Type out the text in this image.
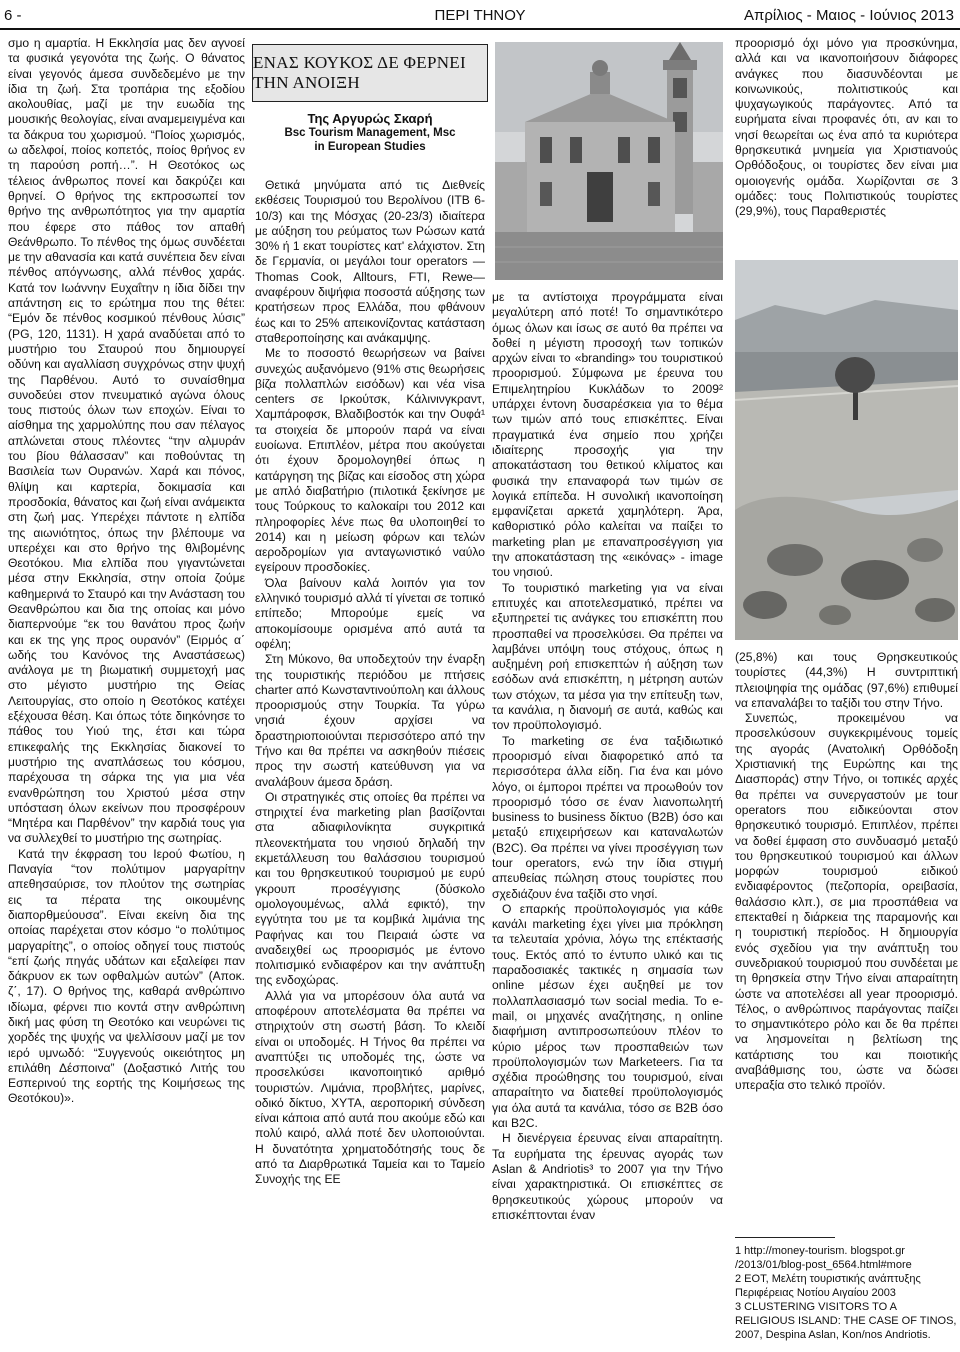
6 -	ΠΕΡΙ ΤΗΝΟΥ	Απρίλιος - Μαιος - Ιούνιος 2013

σμο η αμαρτία. Η Εκκλησία μας δεν αγνοεί τα φυσικά γεγονότα της ζωής. Ο θάνατος είναι γεγονός άμεσα συνδεδεμένο με την ίδια τη ζωή. Στα τροπάρια της εξοδίου ακολουθίας, μαζί με την ευωδία της μουσικής θεολογίας, είναι αναμεμειγμένα και τα δάκρυα του χωρισμού. “Ποίος χωρισμός, ω αδελφοί, ποίος κοπετός, ποίος θρήνος εν τη παρούση ροπή…”. Η Θεοτόκος ως τέλειος άνθρωπος πονεί και δακρύζει και θρηνεί. Ο θρήνος της εκπροσωπεί τον θρήνο της ανθρωπότητος για την αμαρτία που έφερε στο πάθος τον απαθή Θεάνθρωπο. Το πένθος της όμως συνδέεται με την αθανασία και κατά συνέπεια δεν είναι πένθος απόγνωσης, αλλά πένθος χαράς. Κατά τον Ιωάννην Ευχαΐτην η ίδια δίδει την απάντηση εις το ερώτημα που της θέτει: “Εμόν δε πένθος κοσμικού πένθους λύσις” (PG, 120, 1131). Η χαρά αναδύεται από το μυστήριο του Σταυρού που δημιουργεί οδύνη και αγαλλίαση συγχρόνως στην ψυχή της Παρθένου. Αυτό το συναίσθημα συνοδεύει στον πνευματικό αγώνα όλους τους πιστούς όλων των εποχών. Είναι το αίσθημα της χαρμολύπης που σαν πέλαγος απλώνεται στους πλέοντες “την αλμυράν του βίου θάλασσαν” και ποθούντας τη Βασιλεία των Ουρανών. Χαρά και πόνος, θλίψη και καρτερία, δοκιμασία και προσδοκία, θάνατος και ζωή είναι ανάμεικτα στη ζωή μας. Υπερέχει πάντοτε η ελπίδα της αιωνιότητος, όπως την βλέπουμε να υπερέχει και στο θρήνο της θλιβομένης Θεοτόκου. Μια ελπίδα που γιγαντώνεται μέσα στην Εκκλησία, στην οποία ζούμε καθημερινά το Σταυρό και την Ανάσταση του Θεανθρώπου και δια της οποίας και μόνο διαπερνούμε “εκ του θανάτου προς ζωήν και εκ της γης προς ουρανόν” (Ειρμός α΄ ωδής του Κανόνος της Αναστάσεως) ανάλογα με τη βιωματική συμμετοχή μας στο μέγιστο μυστήριο της Θείας Λειτουργίας, στο οποίο η Θεοτόκος κατέχει εξέχουσα θέση. Και όπως τότε διηκόνησε το πάθος του Υιού της, έτσι και τώρα επικεφαλής της Εκκλησίας διακονεί το μυστήριο της αναπλάσεως του κόσμου, παρέχουσα τη σάρκα της για μια νέα ενανθρώπηση του Χριστού μέσα στην υπόσταση όλων εκείνων που προσφέρουν “Μητέρα και Παρθένον” την καρδιά τους για να συλλεχθεί το μυστήριο της σωτηρίας.

Κατά την έκφραση του Ιερού Φωτίου, η Παναγία “τον πολύτιμον μαργαρίτην απεθησαύρισε, τον πλούτον της σωτηρίας εις τα πέρατα της οικουμένης διαπορθμεύουσα”. Είναι εκείνη δια της οποίας παρέχεται στον κόσμο “ο πολύτιμος μαργαρίτης”, ο οποίος οδηγεί τους πιστούς “επί ζωής πηγάς υδάτων και εξαλείφει παν δάκρυον εκ των οφθαλμών αυτών” (Αποκ. ζ΄, 17). Ο θρήνος της, καθαρά ανθρώπινο ιδίωμα, φέρνει πιο κοντά στην ανθρώπινη δική μας φύση τη Θεοτόκο και νευρώνει τις χορδές της ψυχής να ψελλίσουν μαζί με τον ιερό υμνωδό: “Συγγενούς οικειότητος μη επιλάθη Δέσποινα” (Δοξαστικό Λιτής του Εσπερινού της εορτής της Κοιμήσεως της Θεοτόκου)».

ΕΝΑΣ ΚΟΥΚΟΣ ΔΕ ΦΕΡΝΕΙ ΤΗΝ ΑΝΟΙΞΗ
Της Αργυρώς Σκαρή
Bsc Tourism Management, Msc
in European Studies

Θετικά μηνύματα από τις Διεθνείς εκθέσεις Τουρισμού του Βερολίνου (ITB 6-10/3) και της Μόσχας (20-23/3) ιδιαίτερα με αύξηση του ρεύματος των Ρώσων κατά 30% ή 1 εκατ τουρίστες κατ' ελάχιστον. Στη δε Γερμανία, οι μεγάλοι tour operators — Thomas Cook, Alltours, FTI, Rewe— αναφέρουν διψήφια ποσοστά αύξησης των κρατήσεων προς Ελλάδα, που φθάνουν έως και το 25% απεικονίζοντας κατάσταση σταθεροποίησης και ανάκαμψης.

Με το ποσοστό θεωρήσεων να βαίνει συνεχώς αυξανόμενο (91% στις θεωρήσεις βίζα πολλαπλών εισόδων) και νέα visa centers σε Ιρκούτσκ, Κάλινινγκραντ, Χαμπάροφσκ, Βλαδιβοστόκ και την Ουφά¹ τα στοιχεία δε μπορούν παρά να είναι ευοίωνα. Επιπλέον, μέτρα που ακούγεται ότι έχουν δρομολογηθεί όπως η κατάργηση της βίζας και είσοδος στη χώρα με απλό διαβατήριο (πιλοτικά ξεκίνησε με τους Τούρκους το καλοκαίρι του 2012 και πληροφορίες λένε πως θα υλοποιηθεί το 2014) και η μείωση φόρων και τελών αεροδρομίων για ανταγωνιστικό ναύλο εγείρουν προσδοκίες.

Όλα βαίνουν καλά λοιπόν για τον ελληνικό τουρισμό αλλά τί γίνεται σε τοπικό επίπεδο; Μπορούμε εμείς να αποκομίσουμε ορισμένα από αυτά τα οφέλη;

Στη Μύκονο, θα υποδεχτούν την έναρξη της τουριστικής περιόδου με πτήσεις charter από Κωνσταντινούπολη και άλλους προορισμούς στην Τουρκία. Τα γύρω νησιά έχουν αρχίσει να δραστηριοποιούνται περισσότερο από την Τήνο και θα πρέπει να ασκηθούν πιέσεις προς την σωστή κατεύθυνση για να αναλάβουν άμεσα δράση.

Οι στρατηγικές στις οποίες θα πρέπει να στηριχτεί ένα marketing plan βασίζονται στα αδιαφιλονίκητα συγκριτικά πλεονεκτήματα του νησιού δηλαδή την εκμετάλλευση του θαλάσσιου τουρισμού και του θρησκευτικού τουρισμού με ευρύ γκρουπ προσέγγισης (δύσκολο ομολογουμένως, αλλά εφικτό), την εγγύτητα του με τα κομβικά λιμάνια της Ραφήνας και του Πειραιά ώστε να αναδειχθεί ως προορισμός με έντονο πολιτισμικό ενδιαφέρον και την ανάπτυξη της ενδοχώρας.

Αλλά για να μπορέσουν όλα αυτά να αποφέρουν αποτελέσματα θα πρέπει να στηριχτούν στη σωστή βάση. Το κλειδί είναι οι υποδομές. Η Τήνος θα πρέπει να αναπτύξει τις υποδομές της, ώστε να προσελκύσει ικανοποιητικό αριθμό τουριστών. Λιμάνια, προβλήτες, μαρίνες, οδικό δίκτυο, ΧΥΤΑ, αεροπορική σύνδεση είναι κάποια από αυτά που ακούμε εδώ και πολύ καιρό, αλλά ποτέ δεν υλοποιούνται. Η δυνατότητα χρηματοδότησής τους δε από τα Διαρθρωτικά Ταμεία και το Ταμείο Συνοχής της ΕΕ

με τα αντίστοιχα προγράμματα είναι μεγαλύτερη από ποτέ! Το σημαντικότερο όμως όλων και ίσως σε αυτό θα πρέπει να δοθεί η μέγιστη προσοχή των τοπικών αρχών είναι το «branding» του τουριστικού προορισμού. Σύμφωνα με έρευνα του Επιμελητηρίου Κυκλάδων το 2009² υπάρχει έντονη δυσαρέσκεια για το θέμα των τιμών από τους επισκέπτες. Είναι πραγματικά ένα σημείο που χρήζει ιδιαίτερης προσοχής για την αποκατάσταση του θετικού κλίματος και φυσικά την επαναφορά των τιμών σε λογικά επίπεδα. Η συνολική ικανοποίηση εμφανίζεται αρκετά χαμηλότερη. Άρα, καθοριστικό ρόλο καλείται να παίξει το marketing plan με επαναπροσέγγιση για την αποκατάσταση της «εικόνας» - image του νησιού.

Το τουριστικό marketing για να είναι επιτυχές και αποτελεσματικό, πρέπει να εξυπηρετεί τις ανάγκες του επισκέπτη που προσπαθεί να προσελκύσει. Θα πρέπει να λαμβάνει υπόψη τους στόχους, όπως η αυξημένη ροή επισκεπτών ή αύξηση των εσόδων ανά επισκέπτη, η μέτρηση αυτών των στόχων, τα μέσα για την επίτευξη των, τα κανάλια, η διανομή σε αυτά, καθώς και τον προϋπολογισμό.

Το marketing σε ένα ταξιδιωτικό προορισμό είναι διαφορετικό από τα περισσότερα άλλα είδη. Για ένα και μόνο λόγο, οι έμποροι πρέπει να προωθούν τον προορισμό τόσο σε έναν λιανοπωλητή business to business δίκτυο (B2B) όσο και μεταξύ επιχειρήσεων και καταναλωτών (B2C). Θα πρέπει να γίνει προσέγγιση των tour operators, ενώ την ίδια στιγμή απευθείας πώληση στους τουρίστες που σχεδιάζουν ένα ταξίδι στο νησί.

Ο επαρκής προϋπολογισμός για κάθε κανάλι marketing έχει γίνει μια πρόκληση τα τελευταία χρόνια, λόγω της επέκτασής τους. Εκτός από το έντυπο υλικό και τις παραδοσιακές τακτικές η σημασία των online μέσων έχει αυξηθεί με τον πολλαπλασιασμό των social media. Το e-mail, οι μηχανές αναζήτησης, η online διαφήμιση αντιπροσωπεύουν πλέον το κύριο μέρος των προσπαθειών των προϋπολογισμών των Marketeers. Για τα σχέδια προώθησης του τουρισμού, είναι απαραίτητο να διατεθεί προϋπολογισμός για όλα αυτά τα κανάλια, τόσο σε B2B όσο και B2C.

Η διενέργεια έρευνας είναι απαραίτητη. Τα ευρήματα της έρευνας αγοράς των Aslan & Andriotis³ το 2007 για την Τήνο είναι χαρακτηριστικά. Οι επισκέπτες σε θρησκευτικούς χώρους μπορούν να επισκέπτονται έναν

προορισμό όχι μόνο για προσκύνημα, αλλά και να ικανοποιήσουν διάφορες ανάγκες που διασυνδέονται με κοινωνικούς, πολιτιστικούς και ψυχαγωγικούς παράγοντες. Από τα ευρήματα είναι προφανές ότι, αν και το νησί θεωρείται ως ένα από τα κυριότερα θρησκευτικά μνημεία για Χριστιανούς Ορθόδοξους, οι τουρίστες δεν είναι μια ομοιογενής ομάδα. Χωρίζονται σε 3 ομάδες: τους Πολιτιστικούς τουρίστες (29,9%), τους Παραθεριστές

(25,8%) και τους Θρησκευτικούς τουρίστες (44,3%) Η συντριπτική πλειοψηφία της ομάδας (97,6%) επιθυμεί να επαναλάβει το ταξίδι του στην Τήνο.

Συνεπώς, προκειμένου να προσελκύσουν συγκεκριμένους τομείς της αγοράς (Ανατολική Ορθόδοξη Χριστιανική της Ευρώπης και της Διασποράς) στην Τήνο, οι τοπικές αρχές θα πρέπει να συνεργαστούν με tour operators που ειδικεύονται στον θρησκευτικό τουρισμό. Επιπλέον, πρέπει να δοθεί έμφαση στο συνδυασμό μεταξύ του θρησκευτικού τουρισμού και άλλων μορφών τουρισμού ειδικού ενδιαφέροντος (πεζοπορία, ορειβασία, θαλάσσιο κλπ.), σε μια προσπάθεια να επεκταθεί η διάρκεια της παραμονής και η τουριστική περίοδος. Η δημιουργία ενός σχεδίου για την ανάπτυξη του συνεδριακού τουρισμού που συνδέεται με τη θρησκεία στην Τήνο είναι απαραίτητη ώστε να αποτελέσει all year προορισμό. Τέλος, ο ανθρώπινος παράγοντας παίζει το σημαντικότερο ρόλο και δε θα πρέπει να λησμονείται η βελτίωση της κατάρτισης του και ποιοτικής αναβάθμισης του, ώστε να δώσει υπεραξία στο τελικό προϊόν.

1 http://money-tourism. blogspot.gr /2013/01/blog-post_6564.html#more
2 ΕΟΤ, Μελέτη τουριστικής ανάπτυξης Περιφέρειας Νοτίου Αιγαίου 2003
3 CLUSTERING VISITORS TO A RELIGIOUS ISLAND: THE CASE OF TINOS, 2007, Despina Aslan, Kon/nos Andriotis.
